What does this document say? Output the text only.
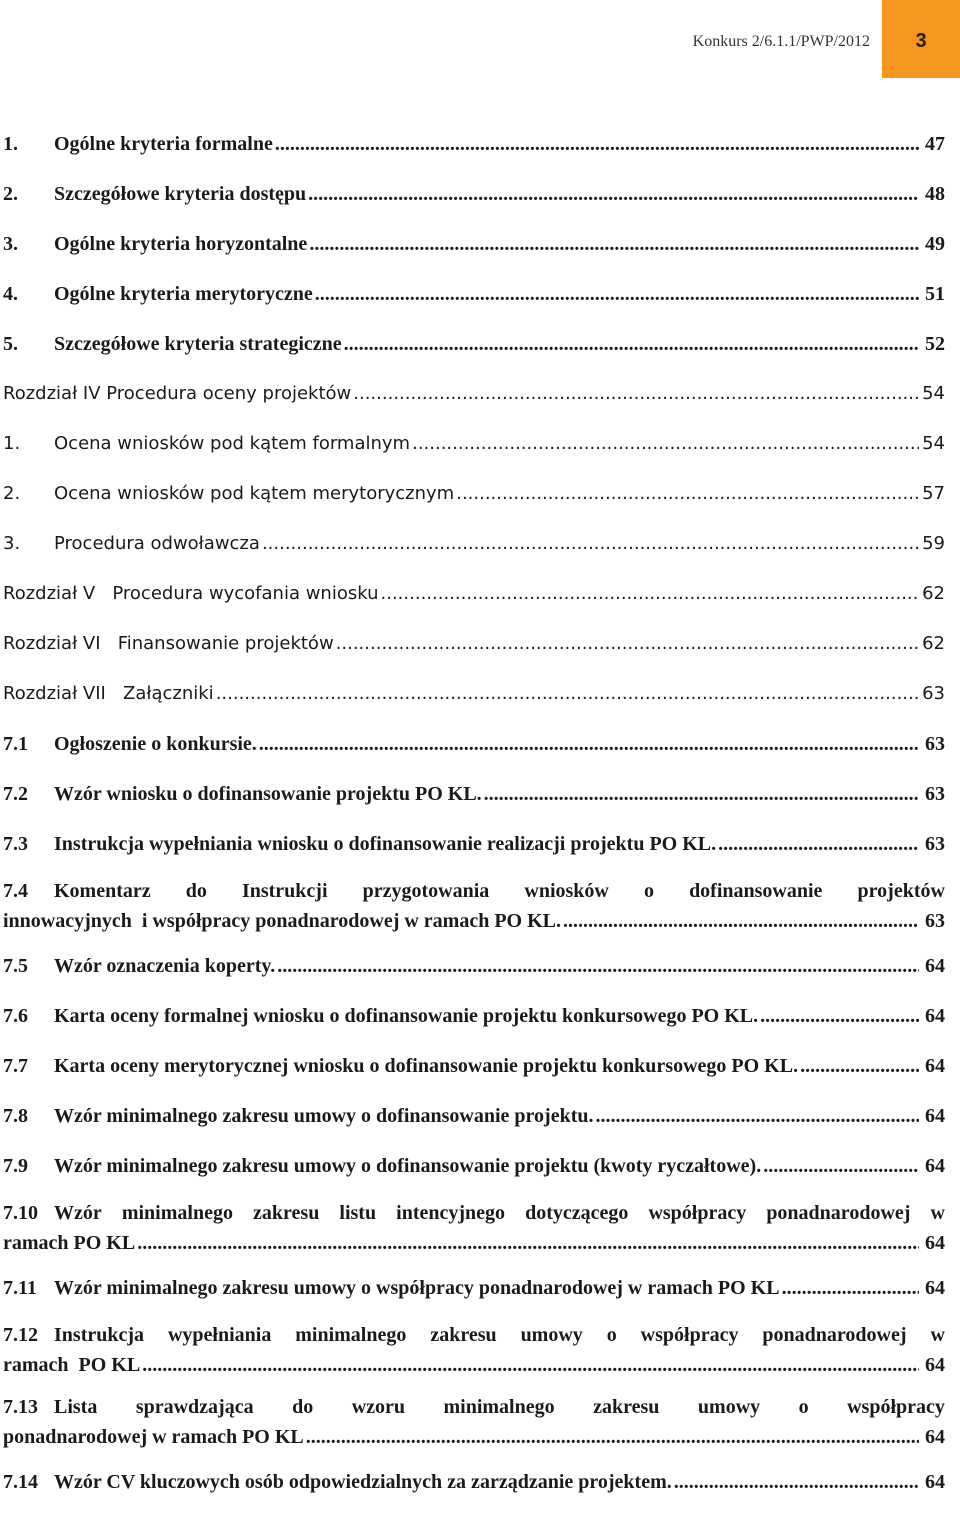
Konkurs 2/6.1.1/PWP/2012	3
1.	Ogólne kryteria formalne .....	47
2.	Szczegółowe kryteria dostępu .....	48
3.	Ogólne kryteria horyzontalne .....	49
4.	Ogólne kryteria merytoryczne .....	51
5.	Szczegółowe kryteria strategiczne .....	52
Rozdział IV Procedura oceny projektów .....	54
1.	Ocena wniosków pod kątem formalnym .....	54
2.	Ocena wniosków pod kątem merytorycznym .....	57
3.	Procedura odwoławcza .....	59
Rozdział V   Procedura wycofania wniosku .....	62
Rozdział VI   Finansowanie projektów .....	62
Rozdział VII   Załączniki .....	63
7.1	Ogłoszenie o konkursie. .....	63
7.2	Wzór wniosku o dofinansowanie projektu PO KL. .....	63
7.3	Instrukcja wypełniania wniosku o dofinansowanie realizacji projektu PO KL. .....	63
7.4	Komentarz do Instrukcji przygotowania wniosków o dofinansowanie projektów
innowacyjnych  i współpracy ponadnarodowej w ramach PO KL. .....	63
7.5	Wzór oznaczenia koperty. .....	64
7.6	Karta oceny formalnej wniosku o dofinansowanie projektu konkursowego PO KL. .....	64
7.7	Karta oceny merytorycznej wniosku o dofinansowanie projektu konkursowego PO KL. .....	64
7.8	Wzór minimalnego zakresu umowy o dofinansowanie projektu. .....	64
7.9	Wzór minimalnego zakresu umowy o dofinansowanie projektu (kwoty ryczałtowe). .....	64
7.10 Wzór minimalnego zakresu listu intencyjnego dotyczącego współpracy ponadnarodowej w
ramach PO KL .....	64
7.11 Wzór minimalnego zakresu umowy o współpracy ponadnarodowej w ramach PO KL .....	64
7.12 Instrukcja wypełniania minimalnego zakresu umowy o współpracy ponadnarodowej w
ramach  PO KL .....	64
7.13 Lista sprawdzająca do wzoru minimalnego zakresu umowy o współpracy
ponadnarodowej w ramach PO KL .....	64
7.14 Wzór CV kluczowych osób odpowiedzialnych za zarządzanie projektem. .....	64
